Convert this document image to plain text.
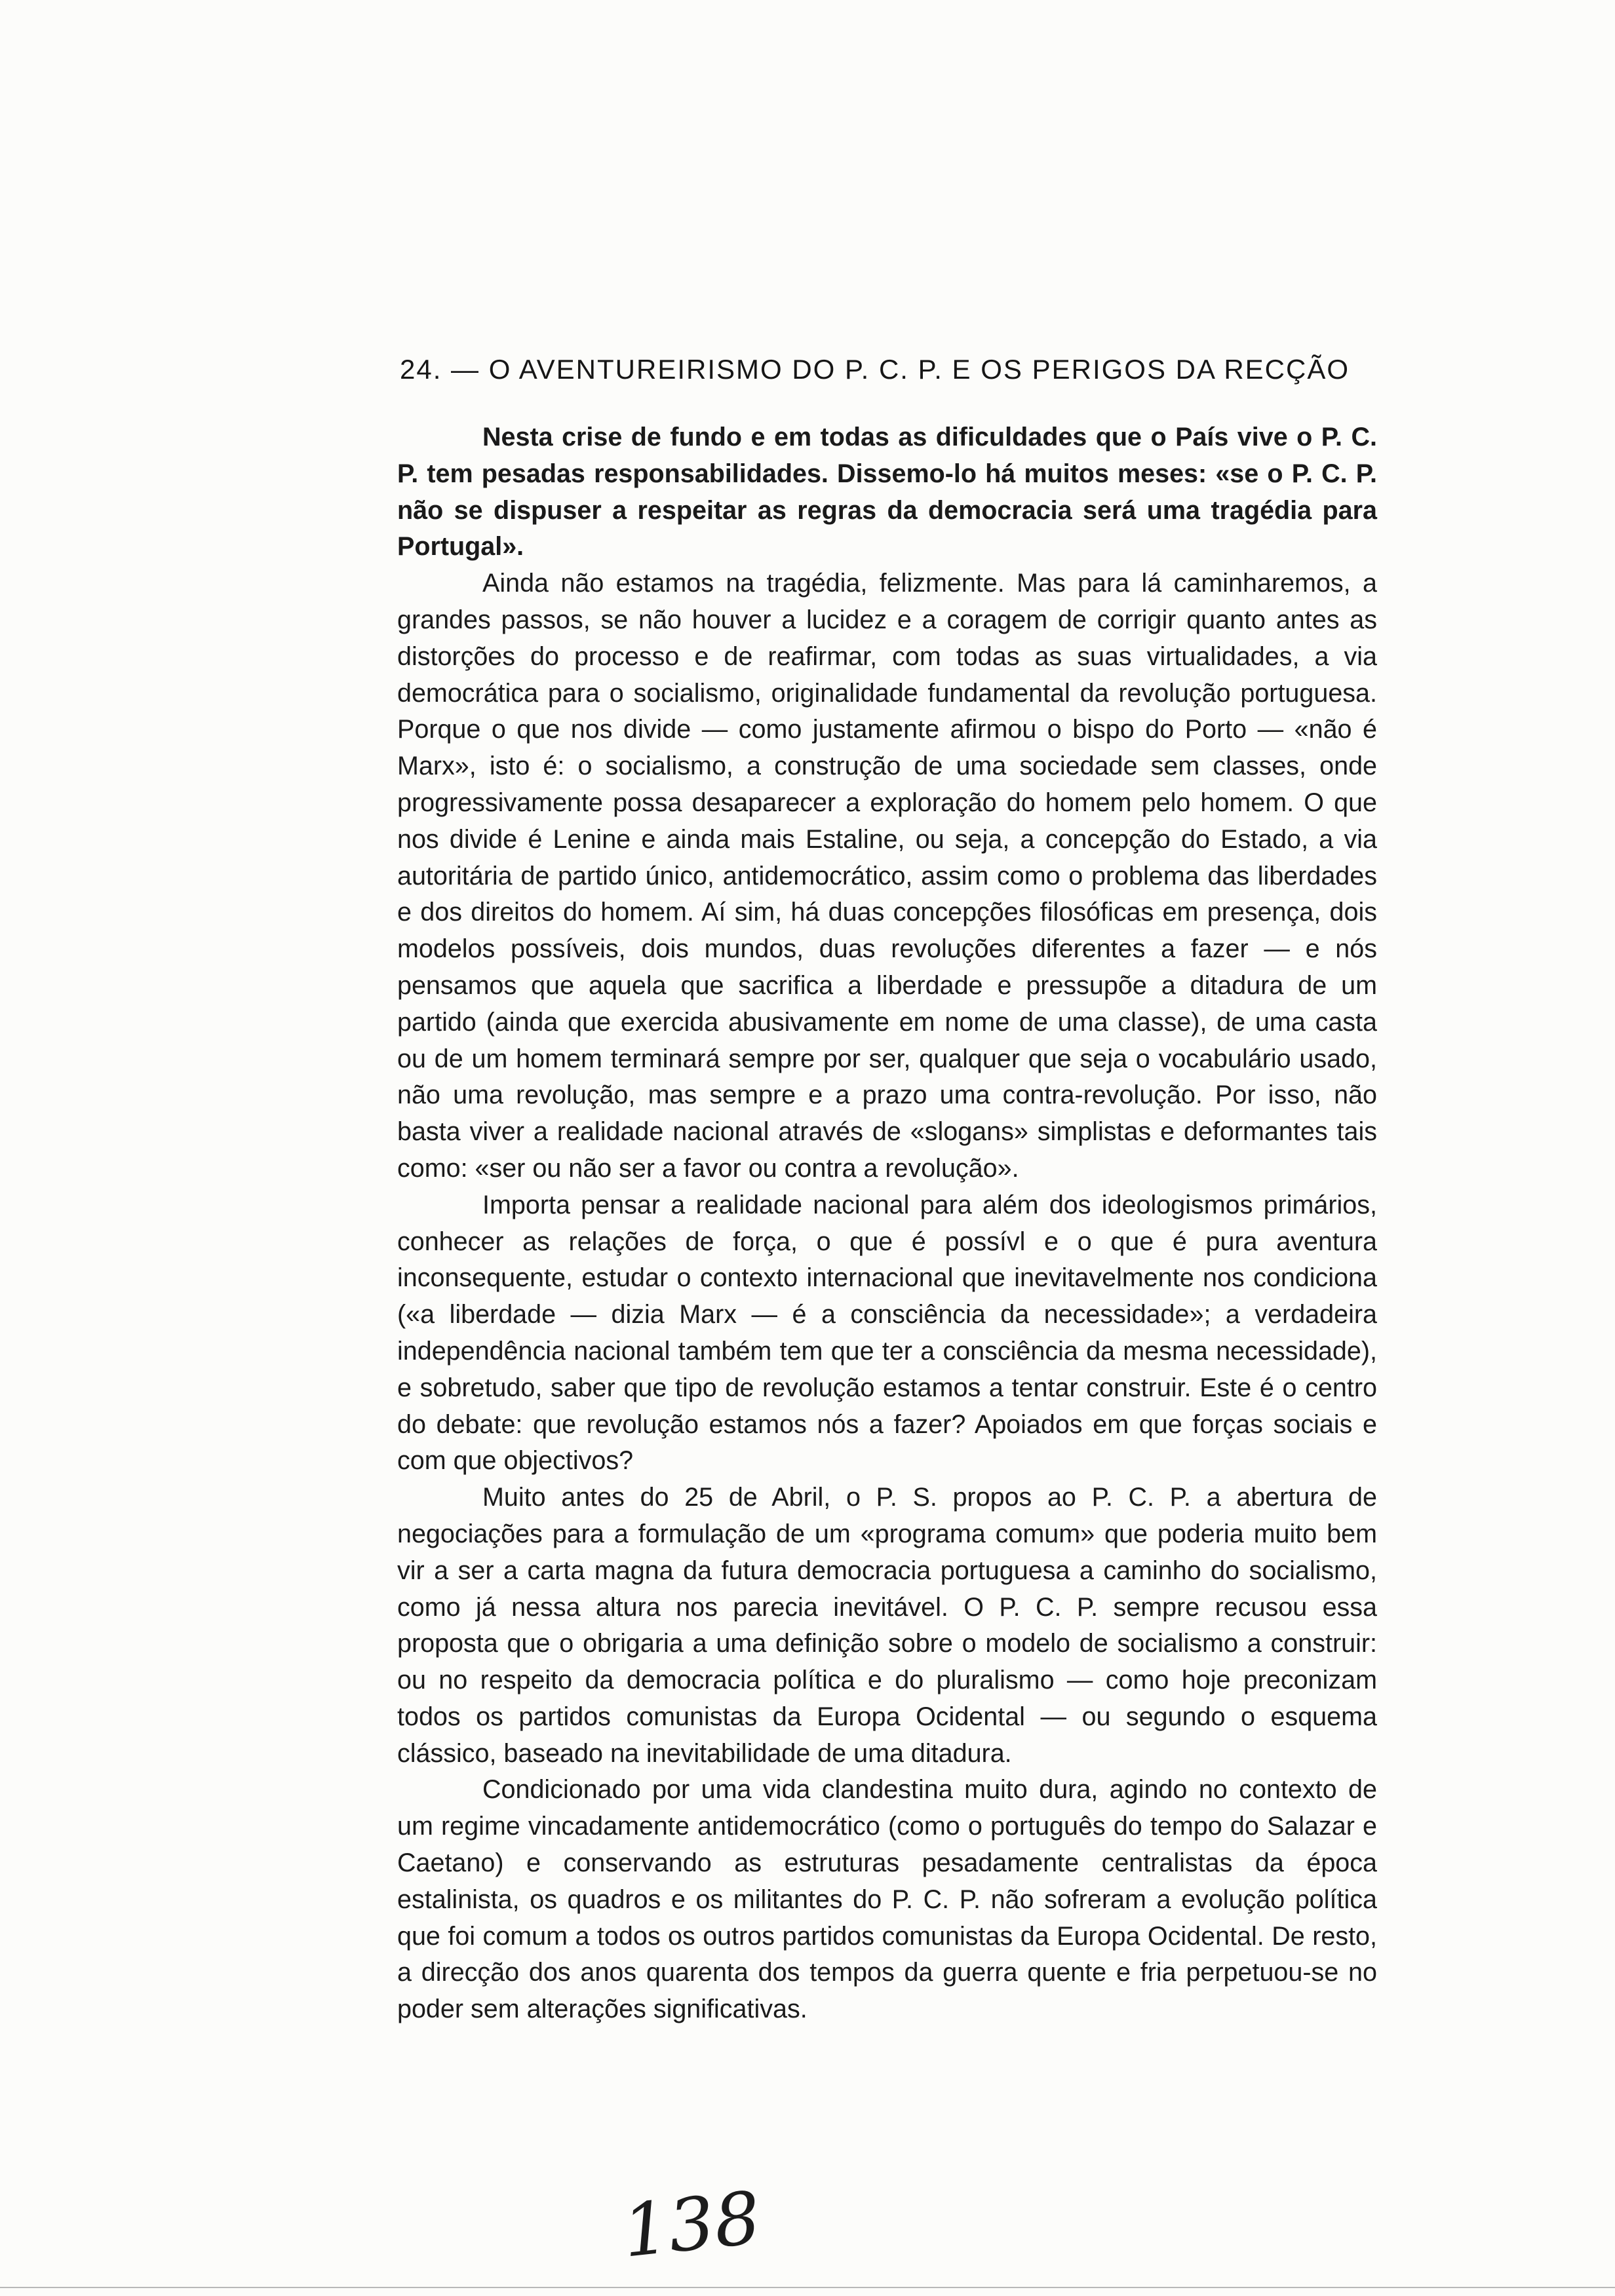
24. — O AVENTUREIRISMO DO P. C. P. E OS PERIGOS DA RECÇÃO

Nesta crise de fundo e em todas as dificuldades que o País vive o P. C. P. tem pesadas responsabilidades. Dissemo-lo há muitos meses: «se o P. C. P. não se dispuser a respeitar as regras da democracia será uma tragédia para Portugal».

Ainda não estamos na tragédia, felizmente. Mas para lá caminharemos, a grandes passos, se não houver a lucidez e a coragem de corrigir quanto antes as distorções do processo e de reafirmar, com todas as suas virtualidades, a via democrática para o socialismo, originalidade fundamental da revolução portuguesa. Porque o que nos divide — como justamente afirmou o bispo do Porto — «não é Marx», isto é: o socialismo, a construção de uma sociedade sem classes, onde progressivamente possa desaparecer a exploração do homem pelo homem. O que nos divide é Lenine e ainda mais Estaline, ou seja, a concepção do Estado, a via autoritária de partido único, antidemocrático, assim como o problema das liberdades e dos direitos do homem. Aí sim, há duas concepções filosóficas em presença, dois modelos possíveis, dois mundos, duas revoluções diferentes a fazer — e nós pensamos que aquela que sacrifica a liberdade e pressupõe a ditadura de um partido (ainda que exercida abusivamente em nome de uma classe), de uma casta ou de um homem terminará sempre por ser, qualquer que seja o vocabulário usado, não uma revolução, mas sempre e a prazo uma contra-revolução. Por isso, não basta viver a realidade nacional através de «slogans» simplistas e deformantes tais como: «ser ou não ser a favor ou contra a revolução».

Importa pensar a realidade nacional para além dos ideologismos primários, conhecer as relações de força, o que é possívl e o que é pura aventura inconsequente, estudar o contexto internacional que inevitavelmente nos condiciona («a liberdade — dizia Marx — é a consciência da necessidade»; a verdadeira independência nacional também tem que ter a consciência da mesma necessidade), e sobretudo, saber que tipo de revolução estamos a tentar construir. Este é o centro do debate: que revolução estamos nós a fazer? Apoiados em que forças sociais e com que objectivos?

Muito antes do 25 de Abril, o P. S. propos ao P. C. P. a abertura de negociações para a formulação de um «programa comum» que poderia muito bem vir a ser a carta magna da futura democracia portuguesa a caminho do socialismo, como já nessa altura nos parecia inevitável. O P. C. P. sempre recusou essa proposta que o obrigaria a uma definição sobre o modelo de socialismo a construir: ou no respeito da democracia política e do pluralismo — como hoje preconizam todos os partidos comunistas da Europa Ocidental — ou segundo o esquema clássico, baseado na inevitabilidade de uma ditadura.

Condicionado por uma vida clandestina muito dura, agindo no contexto de um regime vincadamente antidemocrático (como o português do tempo do Salazar e Caetano) e conservando as estruturas pesadamente centralistas da época estalinista, os quadros e os militantes do P. C. P. não sofreram a evolução política que foi comum a todos os outros partidos comunistas da Europa Ocidental. De resto, a direcção dos anos quarenta dos tempos da guerra quente e fria perpetuou-se no poder sem alterações significativas.

138
